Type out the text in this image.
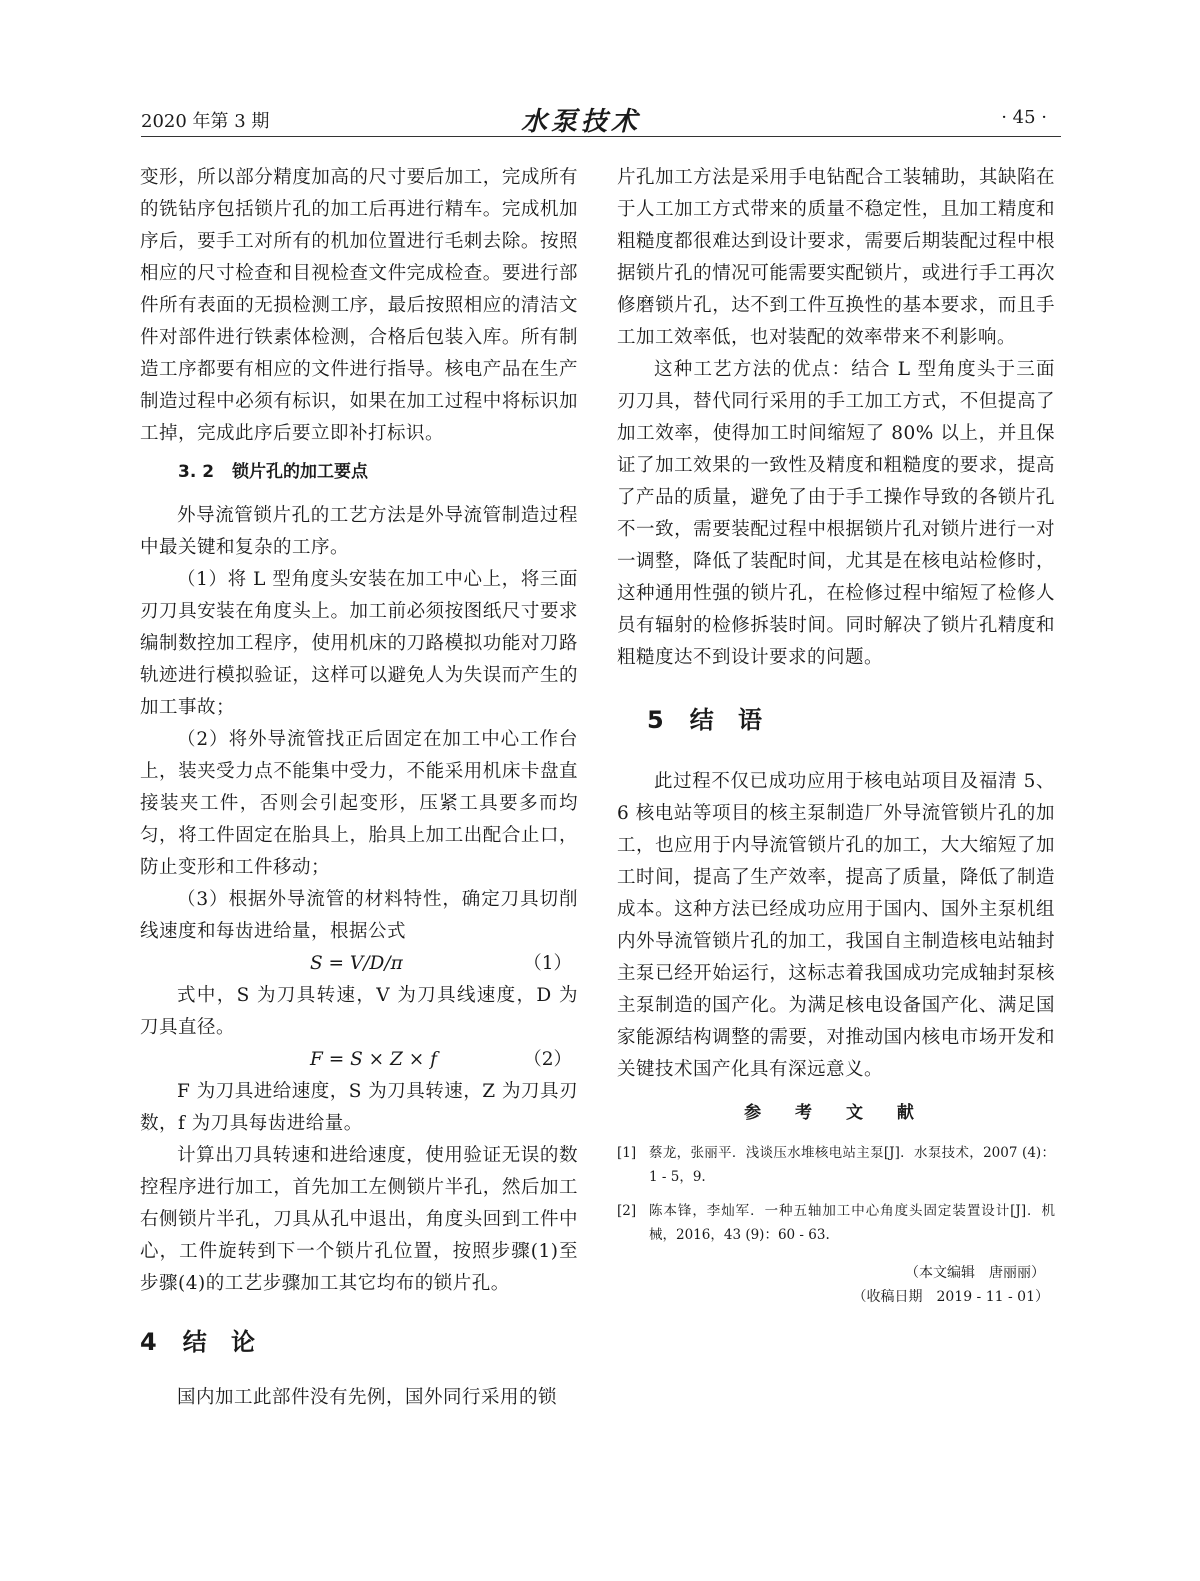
2020 年第 3 期	水泵技术	· 45 ·

变形，所以部分精度加高的尺寸要后加工，完成所有的铣钻序包括锁片孔的加工后再进行精车。完成机加序后，要手工对所有的机加位置进行毛刺去除。按照相应的尺寸检查和目视检查文件完成检查。要进行部件所有表面的无损检测工序，最后按照相应的清洁文件对部件进行铁素体检测，合格后包装入库。所有制造工序都要有相应的文件进行指导。核电产品在生产制造过程中必须有标识，如果在加工过程中将标识加工掉，完成此序后要立即补打标识。

3. 2 锁片孔的加工要点

外导流管锁片孔的工艺方法是外导流管制造过程中最关键和复杂的工序。

（1）将 L 型角度头安装在加工中心上，将三面刃刀具安装在角度头上。加工前必须按图纸尺寸要求编制数控加工程序，使用机床的刀路模拟功能对刀路轨迹进行模拟验证，这样可以避免人为失误而产生的加工事故；

（2）将外导流管找正后固定在加工中心工作台上，装夹受力点不能集中受力，不能采用机床卡盘直接装夹工件，否则会引起变形，压紧工具要多而均匀，将工件固定在胎具上，胎具上加工出配合止口，防止变形和工件移动；

（3）根据外导流管的材料特性，确定刀具切削线速度和每齿进给量，根据公式

S = V/D/π	（1）

式中，S 为刀具转速，V 为刀具线速度，D 为刀具直径。

F = S × Z × f	（2）

F 为刀具进给速度，S 为刀具转速，Z 为刀具刃数，f 为刀具每齿进给量。

计算出刀具转速和进给速度，使用验证无误的数控程序进行加工，首先加工左侧锁片半孔，然后加工右侧锁片半孔，刀具从孔中退出，角度头回到工件中心，工件旋转到下一个锁片孔位置，按照步骤(1)至步骤(4)的工艺步骤加工其它均布的锁片孔。

4 结 论

国内加工此部件没有先例，国外同行采用的锁

片孔加工方法是采用手电钻配合工装辅助，其缺陷在于人工加工方式带来的质量不稳定性，且加工精度和粗糙度都很难达到设计要求，需要后期装配过程中根据锁片孔的情况可能需要实配锁片，或进行手工再次修磨锁片孔，达不到工件互换性的基本要求，而且手工加工效率低，也对装配的效率带来不利影响。

这种工艺方法的优点：结合 L 型角度头于三面刃刀具，替代同行采用的手工加工方式，不但提高了加工效率，使得加工时间缩短了 80% 以上，并且保证了加工效果的一致性及精度和粗糙度的要求，提高了产品的质量，避免了由于手工操作导致的各锁片孔不一致，需要装配过程中根据锁片孔对锁片进行一对一调整，降低了装配时间，尤其是在核电站检修时，这种通用性强的锁片孔，在检修过程中缩短了检修人员有辐射的检修拆装时间。同时解决了锁片孔精度和粗糙度达不到设计要求的问题。

5 结 语

此过程不仅已成功应用于核电站项目及福清 5、6 核电站等项目的核主泵制造厂外导流管锁片孔的加工，也应用于内导流管锁片孔的加工，大大缩短了加工时间，提高了生产效率，提高了质量，降低了制造成本。这种方法已经成功应用于国内、国外主泵机组内外导流管锁片孔的加工，我国自主制造核电站轴封主泵已经开始运行，这标志着我国成功完成轴封泵核主泵制造的国产化。为满足核电设备国产化、满足国家能源结构调整的需要，对推动国内核电市场开发和关键技术国产化具有深远意义。

参 考 文 献
[1] 蔡龙，张丽平．浅谈压水堆核电站主泵[J]．水泵技术，2007 (4)：1 - 5，9.
[2] 陈本锋，李灿军．一种五轴加工中心角度头固定装置设计[J]．机械，2016，43 (9)：60 - 63.
（本文编辑　唐丽丽）
（收稿日期　2019 - 11 - 01）
